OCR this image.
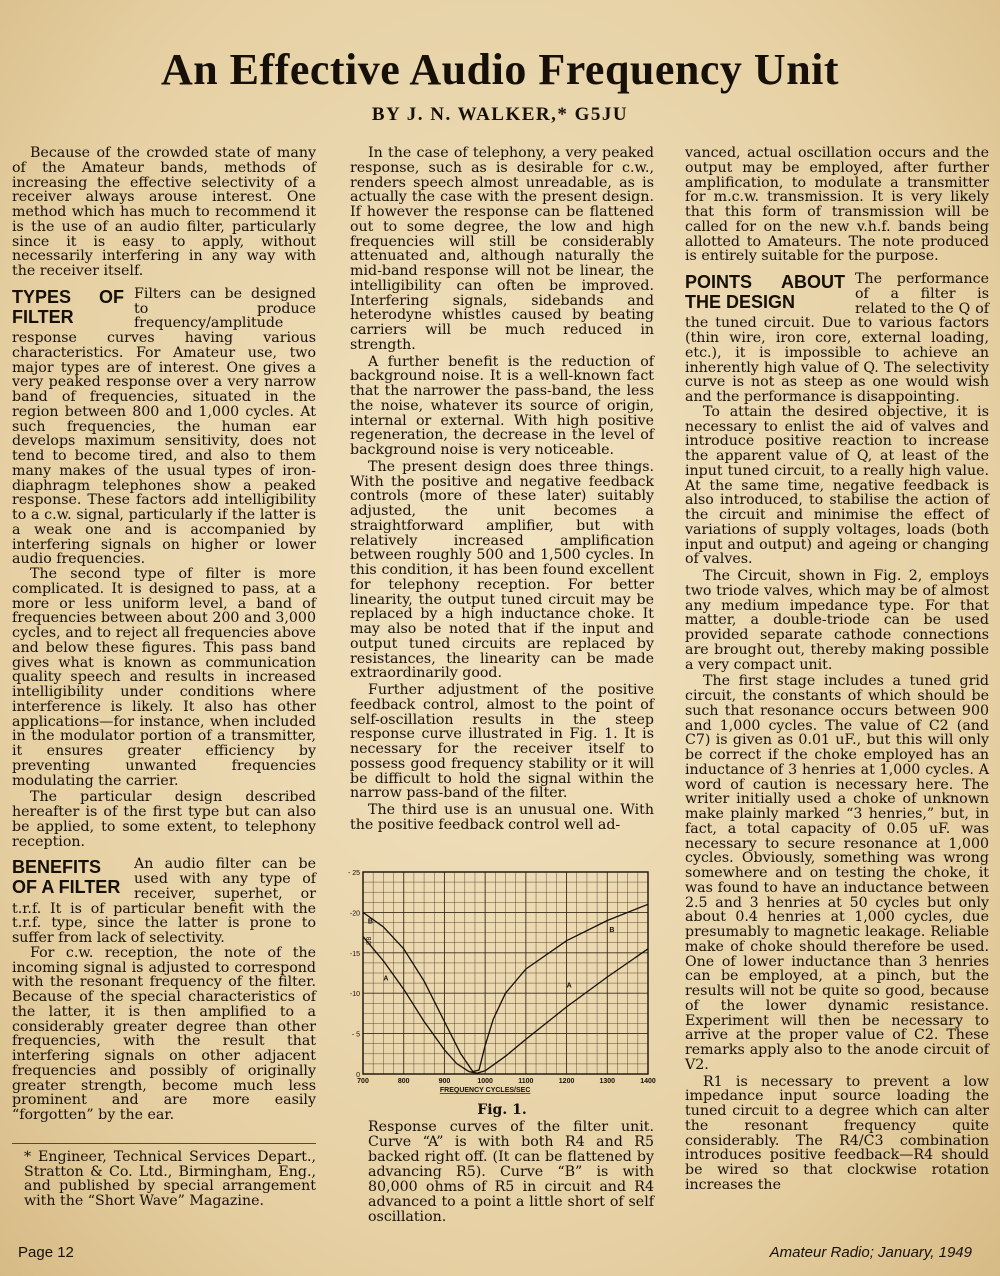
An Effective Audio Frequency Unit
BY J. N. WALKER,* G5JU

Because of the crowded state of many of the Amateur bands, methods of increasing the effective selectivity of a receiver always arouse interest. One method which has much to recommend it is the use of an audio filter, particularly since it is easy to apply, without necessarily interfering in any way with the receiver itself.

TYPES OF FILTER

Filters can be designed to produce frequency/amplitude response curves having various characteristics. For Amateur use, two major types are of interest. One gives a very peaked response over a very narrow band of frequencies, situated in the region between 800 and 1,000 cycles. At such frequencies, the human ear develops maximum sensitivity, does not tend to become tired, and also to them many makes of the usual types of iron-diaphragm telephones show a peaked response. These factors add intelligibility to a c.w. signal, particularly if the latter is a weak one and is accompanied by interfering signals on higher or lower audio frequencies.

The second type of filter is more complicated. It is designed to pass, at a more or less uniform level, a band of frequencies between about 200 and 3,000 cycles, and to reject all frequencies above and below these figures. This pass band gives what is known as communication quality speech and results in increased intelligibility under conditions where interference is likely. It also has other applications—for instance, when included in the modulator portion of a transmitter, it ensures greater efficiency by preventing unwanted frequencies modulating the carrier.

The particular design described hereafter is of the first type but can also be applied, to some extent, to telephony reception.

BENEFITS OF A FILTER

An audio filter can be used with any type of receiver, superhet, or t.r.f. It is of particular benefit with the t.r.f. type, since the latter is prone to suffer from lack of selectivity.

For c.w. reception, the note of the incoming signal is adjusted to correspond with the resonant frequency of the filter. Because of the special characteristics of the latter, it is then amplified to a considerably greater degree than other frequencies, with the result that interfering signals on other adjacent frequencies and possibly of originally greater strength, become much less prominent and are more easily “forgotten” by the ear.

* Engineer, Technical Services Depart., Stratton & Co. Ltd., Birmingham, Eng., and published by special arrangement with the “Short Wave” Magazine.

In the case of telephony, a very peaked response, such as is desirable for c.w., renders speech almost unreadable, as is actually the case with the present design. If however the response can be flattened out to some degree, the low and high frequencies will still be considerably attenuated and, although naturally the mid-band response will not be linear, the intelligibility can often be improved. Interfering signals, sidebands and heterodyne whistles caused by beating carriers will be much reduced in strength.

A further benefit is the reduction of background noise. It is a well-known fact that the narrower the pass-band, the less the noise, whatever its source of origin, internal or external. With high positive regeneration, the decrease in the level of background noise is very noticeable.

The present design does three things. With the positive and negative feedback controls (more of these later) suitably adjusted, the unit becomes a straightforward amplifier, but with relatively increased amplification between roughly 500 and 1,500 cycles. In this condition, it has been found excellent for telephony reception. For better linearity, the output tuned circuit may be replaced by a high inductance choke. It may also be noted that if the input and output tuned circuits are replaced by resistances, the linearity can be made extraordinarily good.

Further adjustment of the positive feedback control, almost to the point of self-oscillation results in the steep response curve illustrated in Fig. 1. It is necessary for the receiver itself to possess good frequency stability or it will be difficult to hold the signal within the narrow pass-band of the filter.

The third use is an unusual one. With the positive feedback control well ad-

0
- 5
-10
-15
-20
- 25
700	800	900	1000	1100	1200	1300	1400
FREQUENCY CYCLES/SEC
DB
B
A
B
A
Fig. 1.
Response curves of the filter unit. Curve “A” is with both R4 and R5 backed right off. (It can be flattened by advancing R5). Curve “B” is with 80,000 ohms of R5 in circuit and R4 advanced to a point a little short of self oscillation.

vanced, actual oscillation occurs and the output may be employed, after further amplification, to modulate a transmitter for m.c.w. transmission. It is very likely that this form of transmission will be called for on the new v.h.f. bands being allotted to Amateurs. The note produced is entirely suitable for the purpose.

POINTS ABOUT THE DESIGN

The performance of a filter is related to the Q of the tuned circuit. Due to various factors (thin wire, iron core, external loading, etc.), it is impossible to achieve an inherently high value of Q. The selectivity curve is not as steep as one would wish and the performance is disappointing.

To attain the desired objective, it is necessary to enlist the aid of valves and introduce positive reaction to increase the apparent value of Q, at least of the input tuned circuit, to a really high value. At the same time, negative feedback is also introduced, to stabilise the action of the circuit and minimise the effect of variations of supply voltages, loads (both input and output) and ageing or changing of valves.

The Circuit, shown in Fig. 2, employs two triode valves, which may be of almost any medium impedance type. For that matter, a double-triode can be used provided separate cathode connections are brought out, thereby making possible a very compact unit.

The first stage includes a tuned grid circuit, the constants of which should be such that resonance occurs between 900 and 1,000 cycles. The value of C2 (and C7) is given as 0.01 uF., but this will only be correct if the choke employed has an inductance of 3 henries at 1,000 cycles. A word of caution is necessary here. The writer initially used a choke of unknown make plainly marked “3 henries,” but, in fact, a total capacity of 0.05 uF. was necessary to secure resonance at 1,000 cycles. Obviously, something was wrong somewhere and on testing the choke, it was found to have an inductance between 2.5 and 3 henries at 50 cycles but only about 0.4 henries at 1,000 cycles, due presumably to magnetic leakage. Reliable make of choke should therefore be used. One of lower inductance than 3 henries can be employed, at a pinch, but the results will not be quite so good, because of the lower dynamic resistance. Experiment will then be necessary to arrive at the proper value of C2. These remarks apply also to the anode circuit of V2.

R1 is necessary to prevent a low impedance input source loading the tuned circuit to a degree which can alter the resonant frequency quite considerably. The R4/C3 combination introduces positive feedback—R4 should be wired so that clockwise rotation increases the

Page 12	Amateur Radio; January, 1949
